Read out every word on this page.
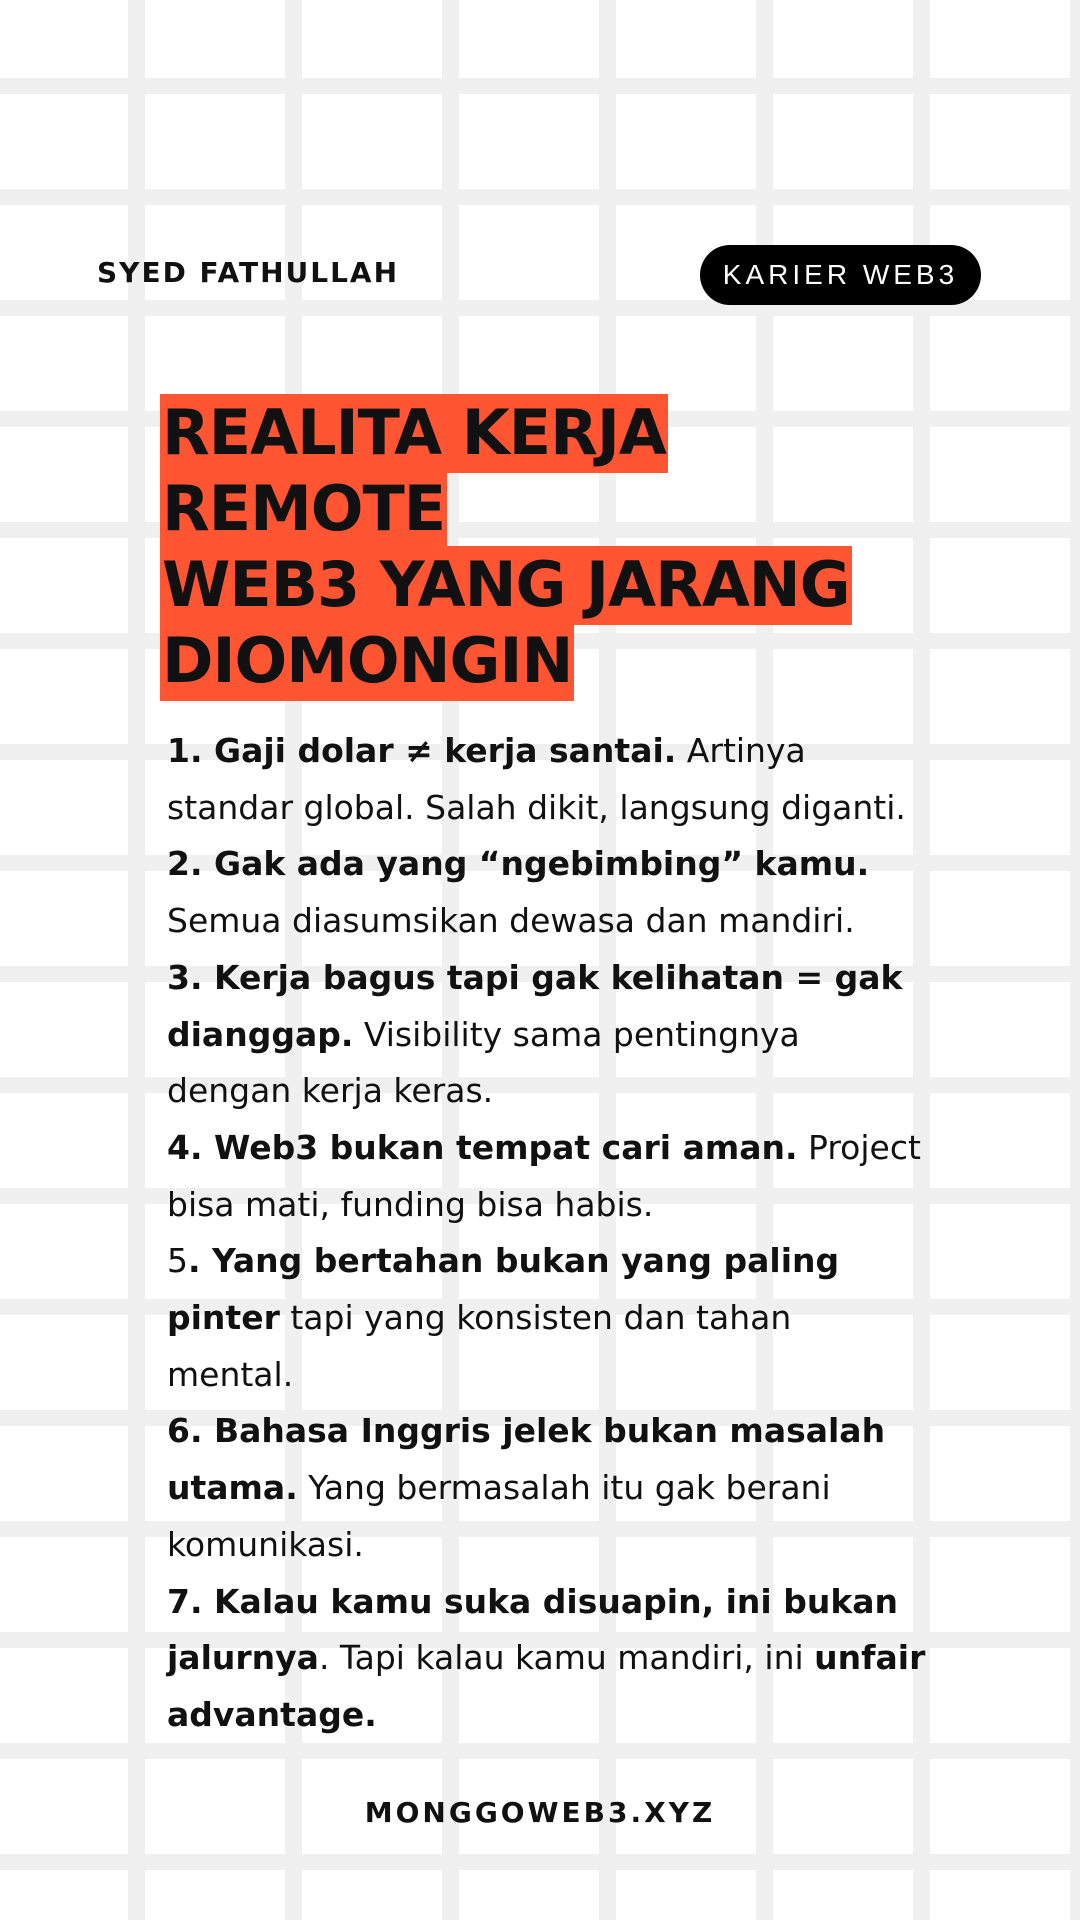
SYED FATHULLAH	KARIER WEB3
REALITA KERJA REMOTE
WEB3 YANG JARANG
DIOMONGIN
1. Gaji dolar ≠ kerja santai. Artinya standar global. Salah dikit, langsung diganti.
2. Gak ada yang “ngebimbing” kamu. Semua diasumsikan dewasa dan mandiri.
3. Kerja bagus tapi gak kelihatan = gak dianggap. Visibility sama pentingnya dengan kerja keras.
4. Web3 bukan tempat cari aman. Project bisa mati, funding bisa habis.
5. Yang bertahan bukan yang paling pinter tapi yang konsisten dan tahan mental.
6. Bahasa Inggris jelek bukan masalah utama. Yang bermasalah itu gak berani komunikasi.
7. Kalau kamu suka disuapin, ini bukan jalurnya. Tapi kalau kamu mandiri, ini unfair advantage.
MONGGOWEB3.XYZ
